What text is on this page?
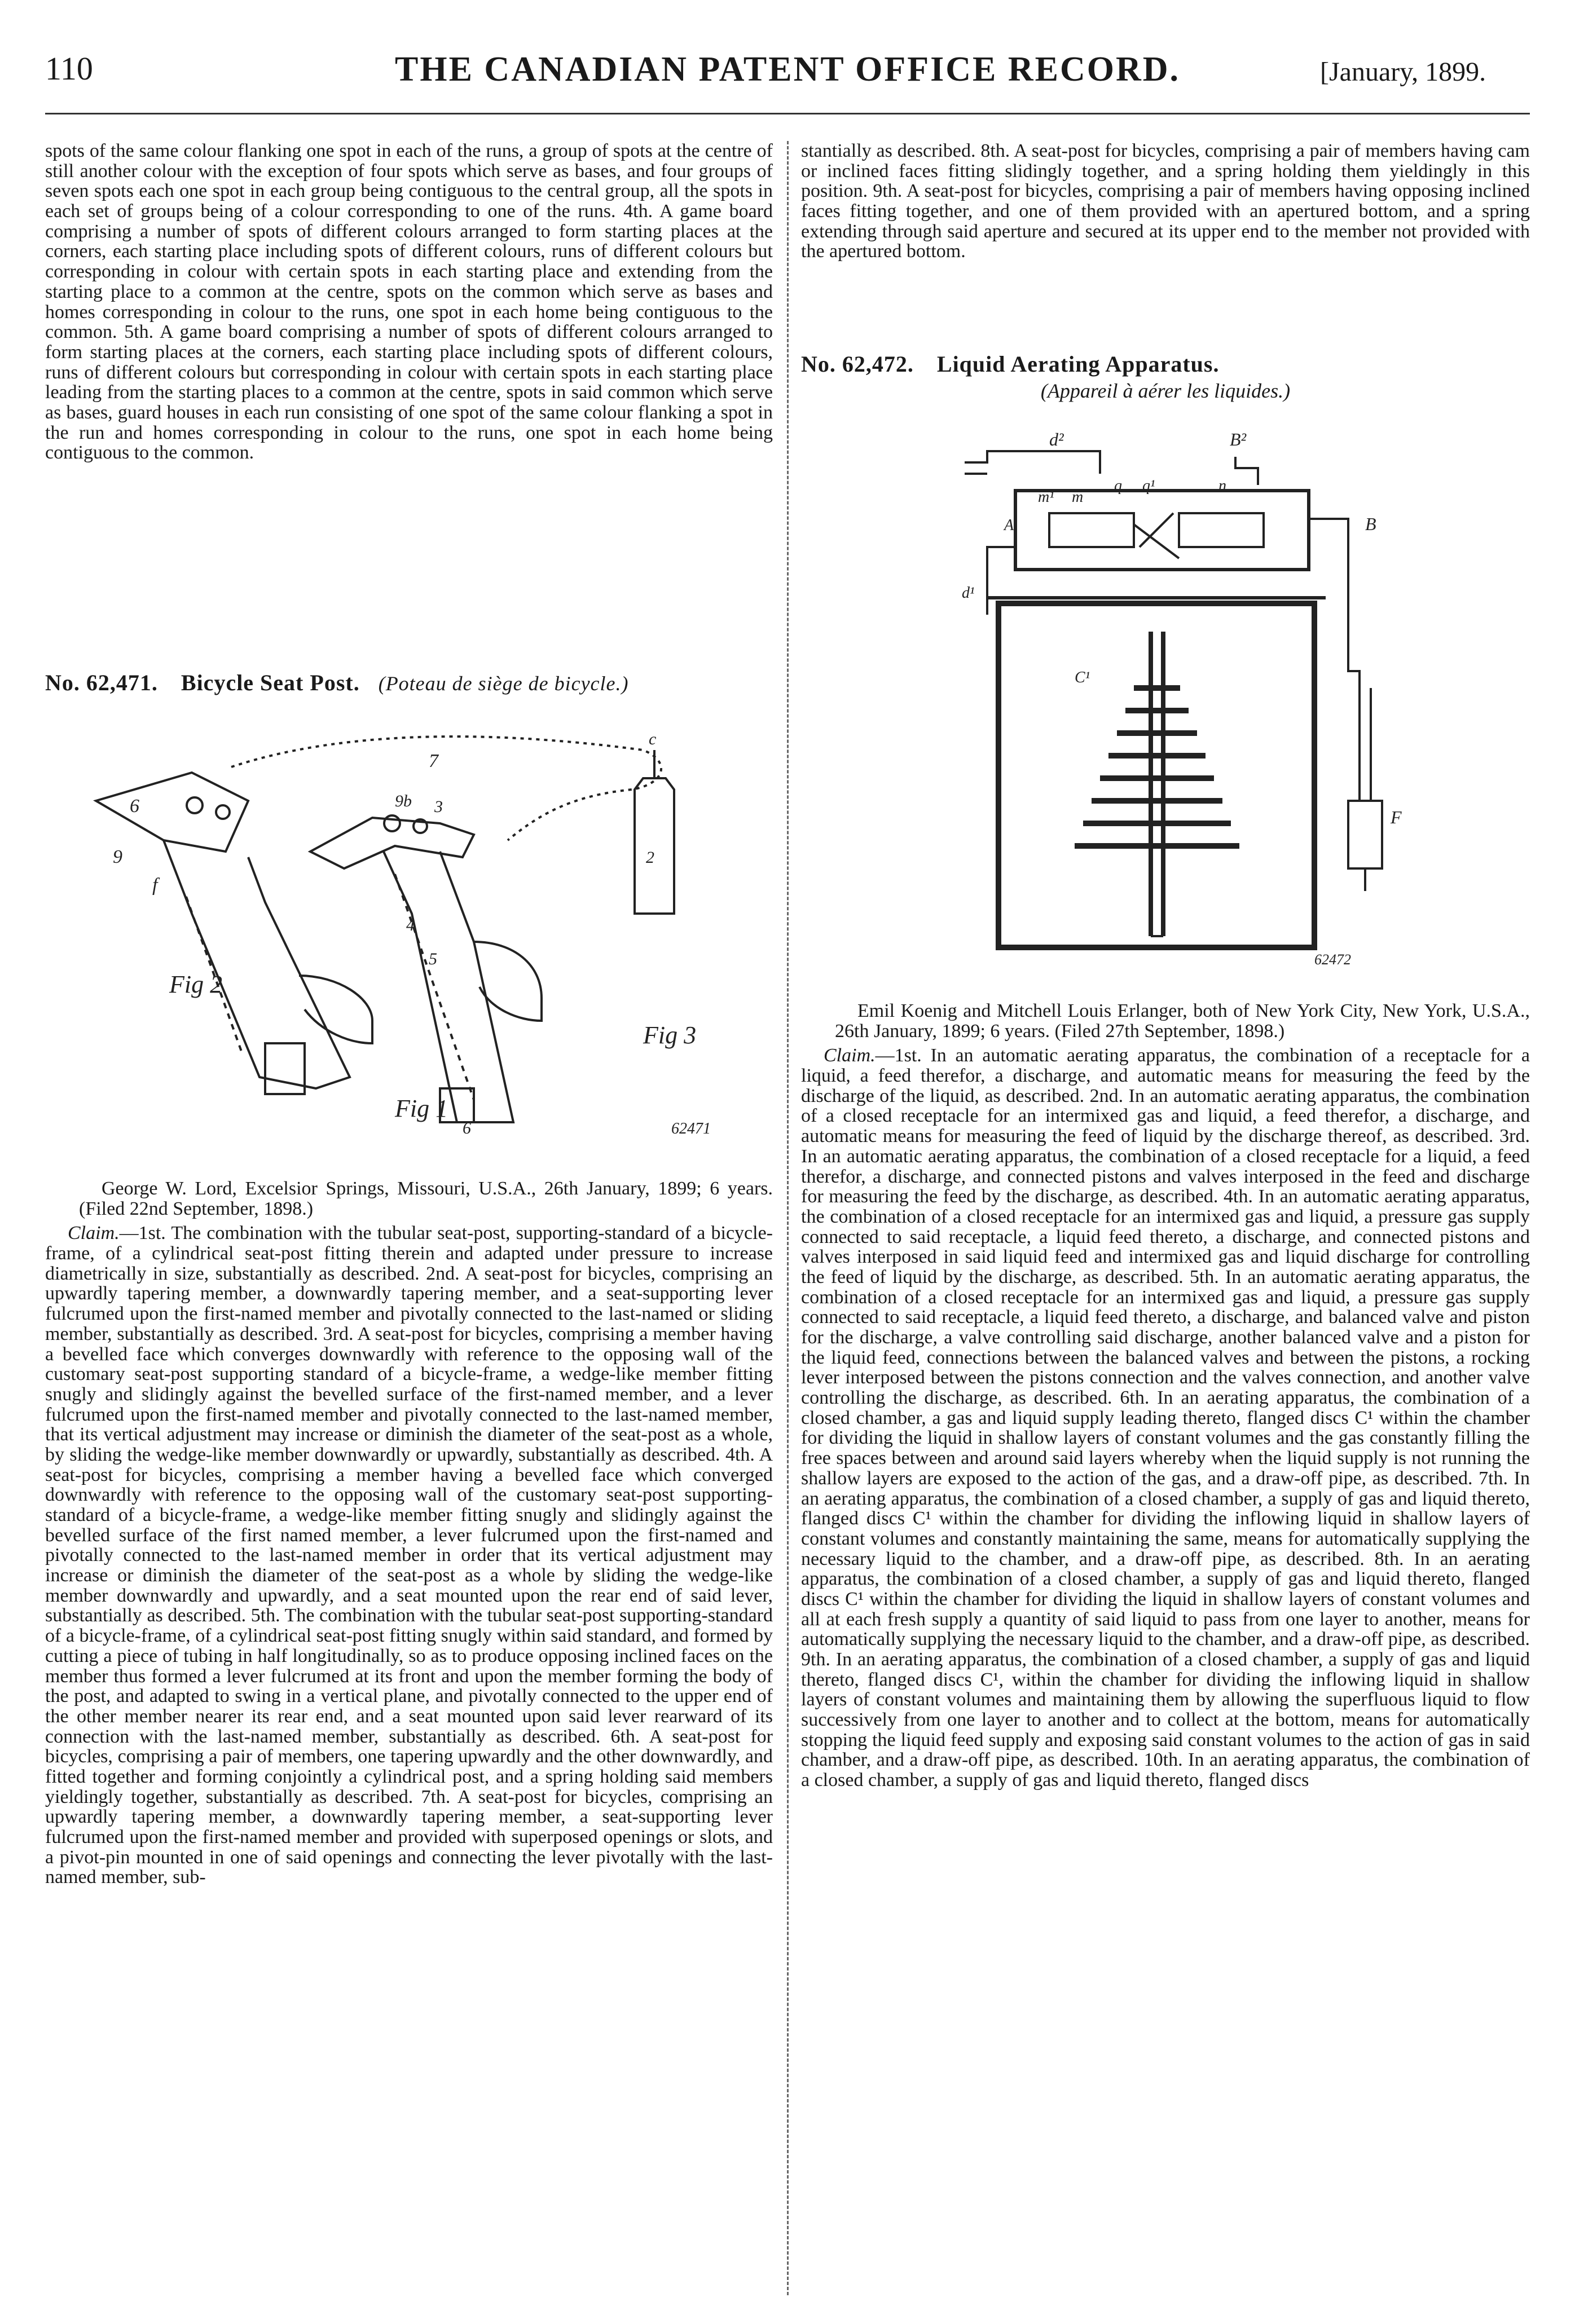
110	THE CANADIAN PATENT OFFICE RECORD.	[January, 1899.

spots of the same colour flanking one spot in each of the runs, a group of spots at the centre of still another colour with the exception of four spots which serve as bases, and four groups of seven spots each one spot in each group being contiguous to the central group, all the spots in each set of groups being of a colour corresponding to one of the runs. 4th. A game board comprising a number of spots of different colours arranged to form starting places at the corners, each starting place including spots of different colours, runs of different colours but corresponding in colour with certain spots in each starting place and extending from the starting place to a common at the centre, spots on the common which serve as bases and homes corresponding in colour to the runs, one spot in each home being contiguous to the common. 5th. A game board comprising a number of spots of different colours arranged to form starting places at the corners, each starting place including spots of different colours, runs of different colours but corresponding in colour with certain spots in each starting place leading from the starting places to a common at the centre, spots in said common which serve as bases, guard houses in each run consisting of one spot of the same colour flanking a spot in the run and homes corresponding in colour to the runs, one spot in each home being contiguous to the common.

No. 62,471. Bicycle Seat Post. (Poteau de siège de bicycle.)

6
9
f
9b 3
7
2
4
5
c
6
Fig 2
Fig 1
Fig 3
62471

George W. Lord, Excelsior Springs, Missouri, U.S.A., 26th January, 1899; 6 years. (Filed 22nd September, 1898.)

Claim.—1st. The combination with the tubular seat-post, supporting-standard of a bicycle-frame, of a cylindrical seat-post fitting therein and adapted under pressure to increase diametrically in size, substantially as described. 2nd. A seat-post for bicycles, comprising an upwardly tapering member, a downwardly tapering member, and a seat-supporting lever fulcrumed upon the first-named member and pivotally connected to the last-named or sliding member, substantially as described. 3rd. A seat-post for bicycles, comprising a member having a bevelled face which converges downwardly with reference to the opposing wall of the customary seat-post supporting standard of a bicycle-frame, a wedge-like member fitting snugly and slidingly against the bevelled surface of the first-named member, and a lever fulcrumed upon the first-named member and pivotally connected to the last-named member, that its vertical adjustment may increase or diminish the diameter of the seat-post as a whole, by sliding the wedge-like member downwardly or upwardly, substantially as described. 4th. A seat-post for bicycles, comprising a member having a bevelled face which converged downwardly with reference to the opposing wall of the customary seat-post supporting-standard of a bicycle-frame, a wedge-like member fitting snugly and slidingly against the bevelled surface of the first named member, a lever fulcrumed upon the first-named and pivotally connected to the last-named member in order that its vertical adjustment may increase or diminish the diameter of the seat-post as a whole by sliding the wedge-like member downwardly and upwardly, and a seat mounted upon the rear end of said lever, substantially as described. 5th. The combination with the tubular seat-post supporting-standard of a bicycle-frame, of a cylindrical seat-post fitting snugly within said standard, and formed by cutting a piece of tubing in half longitudinally, so as to produce opposing inclined faces on the member thus formed a lever fulcrumed at its front and upon the member forming the body of the post, and adapted to swing in a vertical plane, and pivotally connected to the upper end of the other member nearer its rear end, and a seat mounted upon said lever rearward of its connection with the last-named member, substantially as described. 6th. A seat-post for bicycles, comprising a pair of members, one tapering upwardly and the other downwardly, and fitted together and forming conjointly a cylindrical post, and a spring holding said members yieldingly together, substantially as described. 7th. A seat-post for bicycles, comprising an upwardly tapering member, a downwardly tapering member, a seat-supporting lever fulcrumed upon the first-named member and provided with superposed openings or slots, and a pivot-pin mounted in one of said openings and connecting the lever pivotally with the last-named member, sub-

stantially as described. 8th. A seat-post for bicycles, comprising a pair of members having cam or inclined faces fitting slidingly together, and a spring holding them yieldingly in this position. 9th. A seat-post for bicycles, comprising a pair of members having opposing inclined faces fitting together, and one of them provided with an apertured bottom, and a spring extending through said aperture and secured at its upper end to the member not provided with the apertured bottom.

No. 62,472. Liquid Aerating Apparatus.

(Appareil à aérer les liquides.)
d²	B²
m¹ m
q q¹	n
A
d¹
B
C¹
F
62472

Emil Koenig and Mitchell Louis Erlanger, both of New York City, New York, U.S.A., 26th January, 1899; 6 years. (Filed 27th September, 1898.)

Claim.—1st. In an automatic aerating apparatus, the combination of a receptacle for a liquid, a feed therefor, a discharge, and automatic means for measuring the feed by the discharge of the liquid, as described. 2nd. In an automatic aerating apparatus, the combination of a closed receptacle for an intermixed gas and liquid, a feed therefor, a discharge, and automatic means for measuring the feed of liquid by the discharge thereof, as described. 3rd. In an automatic aerating apparatus, the combination of a closed receptacle for a liquid, a feed therefor, a discharge, and connected pistons and valves interposed in the feed and discharge for measuring the feed by the discharge, as described. 4th. In an automatic aerating apparatus, the combination of a closed receptacle for an intermixed gas and liquid, a pressure gas supply connected to said receptacle, a liquid feed thereto, a discharge, and connected pistons and valves interposed in said liquid feed and intermixed gas and liquid discharge for controlling the feed of liquid by the discharge, as described. 5th. In an automatic aerating apparatus, the combination of a closed receptacle for an intermixed gas and liquid, a pressure gas supply connected to said receptacle, a liquid feed thereto, a discharge, and balanced valve and piston for the discharge, a valve controlling said discharge, another balanced valve and a piston for the liquid feed, connections between the balanced valves and between the pistons, a rocking lever interposed between the pistons connection and the valves connection, and another valve controlling the discharge, as described. 6th. In an aerating apparatus, the combination of a closed chamber, a gas and liquid supply leading thereto, flanged discs C¹ within the chamber for dividing the liquid in shallow layers of constant volumes and the gas constantly filling the free spaces between and around said layers whereby when the liquid supply is not running the shallow layers are exposed to the action of the gas, and a draw-off pipe, as described. 7th. In an aerating apparatus, the combination of a closed chamber, a supply of gas and liquid thereto, flanged discs C¹ within the chamber for dividing the inflowing liquid in shallow layers of constant volumes and constantly maintaining the same, means for automatically supplying the necessary liquid to the chamber, and a draw-off pipe, as described. 8th. In an aerating apparatus, the combination of a closed chamber, a supply of gas and liquid thereto, flanged discs C¹ within the chamber for dividing the liquid in shallow layers of constant volumes and all at each fresh supply a quantity of said liquid to pass from one layer to another, means for automatically supplying the necessary liquid to the chamber, and a draw-off pipe, as described. 9th. In an aerating apparatus, the combination of a closed chamber, a supply of gas and liquid thereto, flanged discs C¹, within the chamber for dividing the inflowing liquid in shallow layers of constant volumes and maintaining them by allowing the superfluous liquid to flow successively from one layer to another and to collect at the bottom, means for automatically stopping the liquid feed supply and exposing said constant volumes to the action of gas in said chamber, and a draw-off pipe, as described. 10th. In an aerating apparatus, the combination of a closed chamber, a supply of gas and liquid thereto, flanged discs
